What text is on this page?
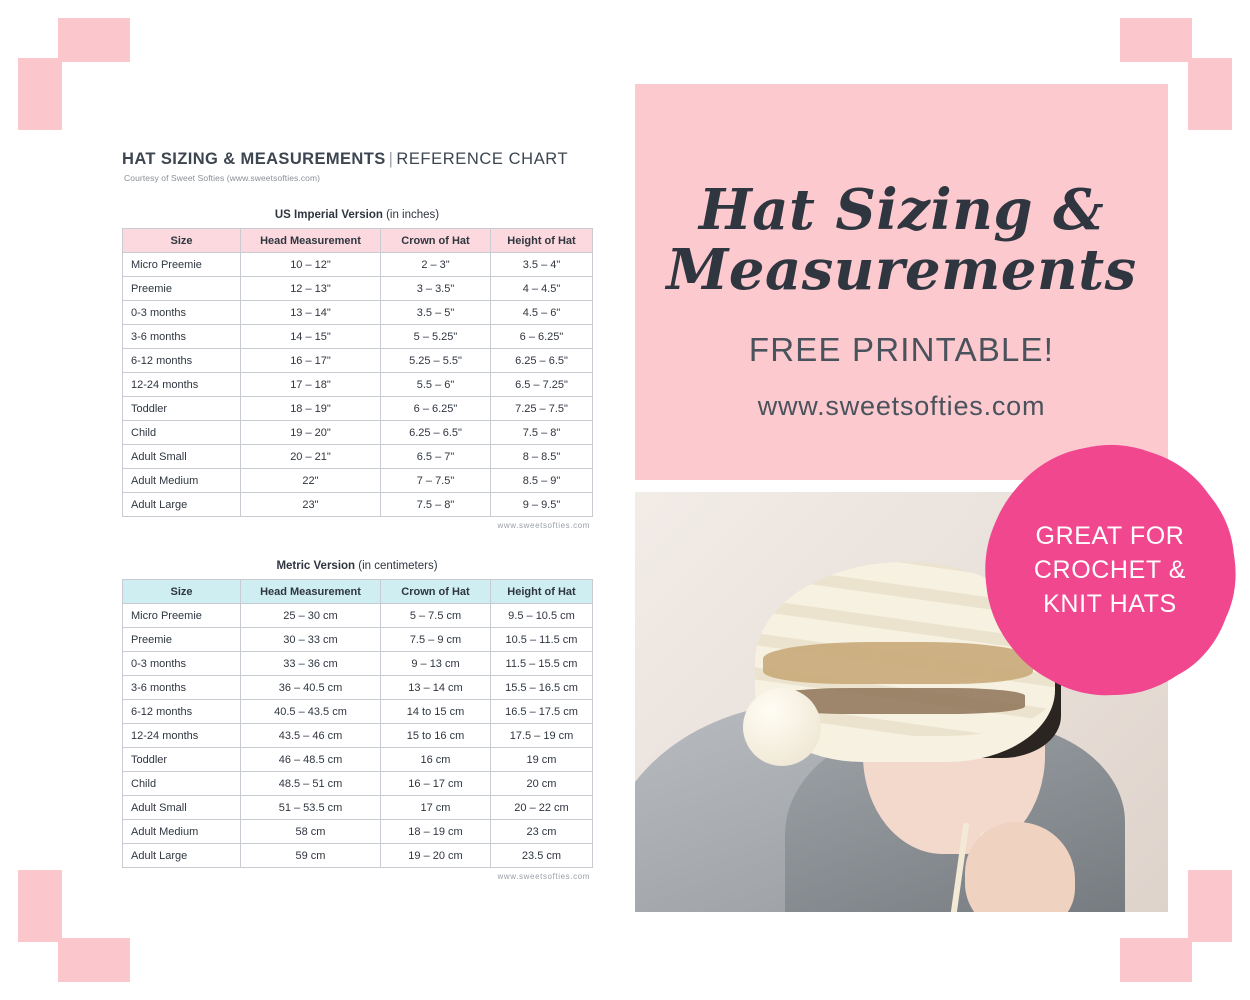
HAT SIZING & MEASUREMENTS | REFERENCE CHART
Courtesy of Sweet Softies (www.sweetsofties.com)
US Imperial Version (in inches)
Size	Head Measurement	Crown of Hat	Height of Hat
Micro Preemie	10 – 12"	2 – 3"	3.5 – 4"
Preemie	12 – 13"	3 – 3.5"	4 – 4.5"
0-3 months	13 – 14"	3.5 – 5"	4.5 – 6"
3-6 months	14 – 15"	5 – 5.25"	6 – 6.25"
6-12 months	16 – 17"	5.25 – 5.5"	6.25 – 6.5"
12-24 months	17 – 18"	5.5 – 6"	6.5 – 7.25"
Toddler	18 – 19"	6 – 6.25"	7.25 – 7.5"
Child	19 – 20"	6.25 – 6.5"	7.5 – 8"
Adult Small	20 – 21"	6.5 – 7"	8 – 8.5"
Adult Medium	22"	7 – 7.5"	8.5 – 9"
Adult Large	23"	7.5 – 8"	9 – 9.5"
www.sweetsofties.com
Metric Version (in centimeters)
Size	Head Measurement	Crown of Hat	Height of Hat
Micro Preemie	25 – 30 cm	5 – 7.5 cm	9.5 – 10.5 cm
Preemie	30 – 33 cm	7.5 – 9 cm	10.5 – 11.5 cm
0-3 months	33 – 36 cm	9 – 13 cm	11.5 – 15.5 cm
3-6 months	36 – 40.5 cm	13 – 14 cm	15.5 – 16.5 cm
6-12 months	40.5 – 43.5 cm	14 to 15 cm	16.5 – 17.5 cm
12-24 months	43.5 – 46 cm	15 to 16 cm	17.5 – 19 cm
Toddler	46 – 48.5 cm	16 cm	19 cm
Child	48.5 – 51 cm	16 – 17 cm	20 cm
Adult Small	51 – 53.5 cm	17 cm	20 – 22 cm
Adult Medium	58 cm	18 – 19 cm	23 cm
Adult Large	59 cm	19 – 20 cm	23.5 cm
www.sweetsofties.com
Hat Sizing &
Measurements
FREE PRINTABLE!
www.sweetsofties.com
GREAT FOR
CROCHET &
KNIT HATS
